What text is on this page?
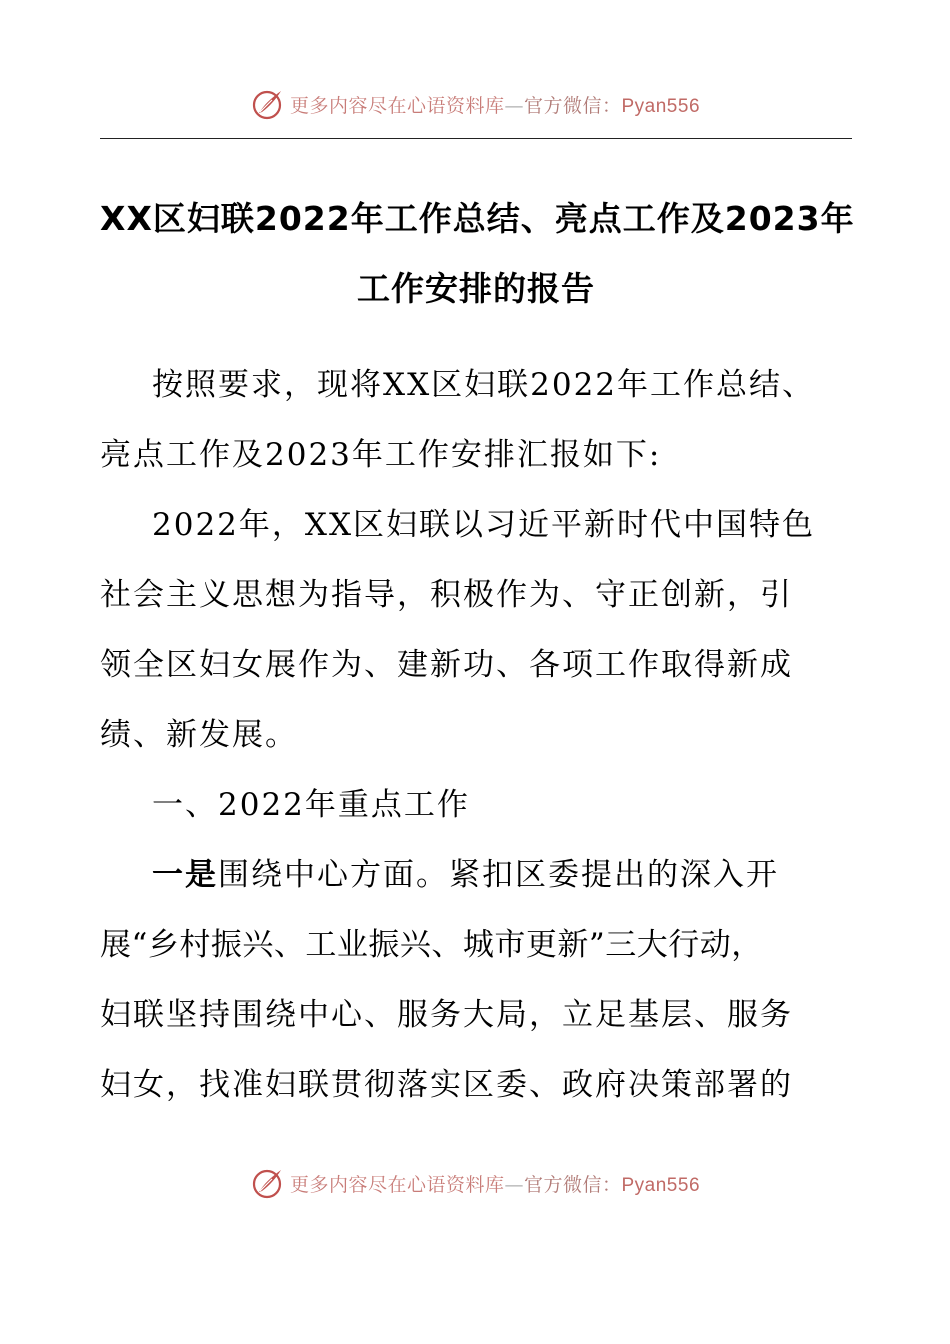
更多内容尽在心语资料库—官方微信：Pyan556
XX区妇联2022年工作总结、亮点工作及2023年
工作安排的报告
按照要求，现将XX区妇联2022年工作总结、
亮点工作及2023年工作安排汇报如下:
2022年，XX区妇联以习近平新时代中国特色
社会主义思想为指导，积极作为、守正创新，引
领全区妇女展作为、建新功、各项工作取得新成
绩、新发展。
一、2022年重点工作
一是围绕中心方面。紧扣区委提出的深入开
展“乡村振兴、工业振兴、城市更新”三大行动，
妇联坚持围绕中心、服务大局，立足基层、服务
妇女，找准妇联贯彻落实区委、政府决策部署的
更多内容尽在心语资料库—官方微信：Pyan556
